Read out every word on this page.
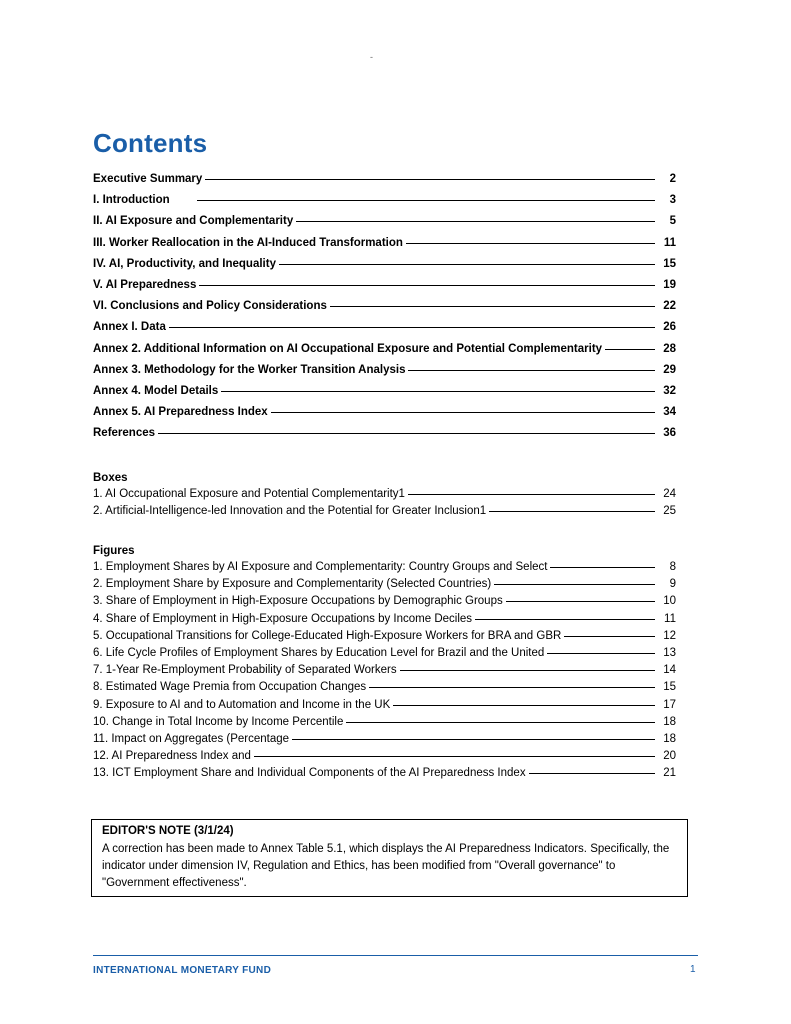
-
Contents
Executive Summary	2
I. Introduction	3
II. AI Exposure and Complementarity	5
III. Worker Reallocation in the AI-Induced Transformation	11
IV. AI, Productivity, and Inequality	15
V. AI Preparedness	19
VI. Conclusions and Policy Considerations	22
Annex I. Data	26
Annex 2. Additional Information on AI Occupational Exposure and Potential Complementarity	28
Annex 3. Methodology for the Worker Transition Analysis	29
Annex 4. Model Details	32
Annex 5. AI Preparedness Index	34
References	36
Boxes
1. AI Occupational Exposure and Potential Complementarity1	24
2. Artificial-Intelligence-led Innovation and the Potential for Greater Inclusion1	25
Figures
1. Employment Shares by AI Exposure and Complementarity: Country Groups and Select	8
2. Employment Share by Exposure and Complementarity (Selected Countries)	9
3. Share of Employment in High-Exposure Occupations by Demographic Groups	10
4. Share of Employment in High-Exposure Occupations by Income Deciles	11
5. Occupational Transitions for College-Educated High-Exposure Workers for BRA and GBR	12
6. Life Cycle Profiles of Employment Shares by Education Level for Brazil and the United	13
7. 1-Year Re-Employment Probability of Separated Workers	14
8. Estimated Wage Premia from Occupation Changes	15
9. Exposure to AI and to Automation and Income in the UK	17
10. Change in Total Income by Income Percentile	18
11. Impact on Aggregates (Percentage	18
12. AI Preparedness Index and	20
13. ICT Employment Share and Individual Components of the AI Preparedness Index	21
EDITOR'S NOTE (3/1/24)
A correction has been made to Annex Table 5.1, which displays the AI Preparedness Indicators. Specifically, the indicator under dimension IV, Regulation and Ethics, has been modified from "Overall governance" to "Government effectiveness".
INTERNATIONAL MONETARY FUND	1
